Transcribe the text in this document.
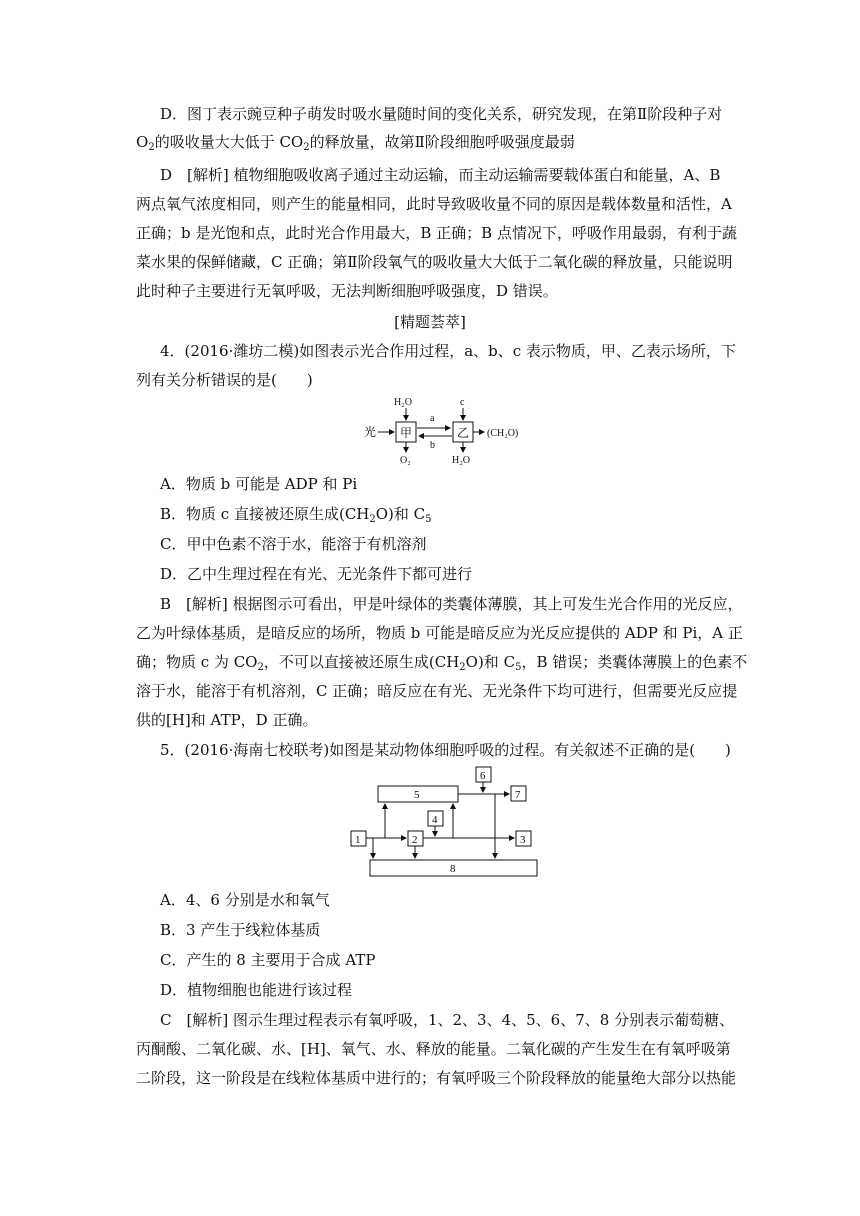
D．图丁表示豌豆种子萌发时吸水量随时间的变化关系，研究发现，在第Ⅱ阶段种子对

$O_2$的吸收量大大低于 $CO_2$的释放量，故第Ⅱ阶段细胞呼吸强度最弱

D　[解析] 植物细胞吸收离子通过主动运输，而主动运输需要载体蛋白和能量，A、B

两点氧气浓度相同，则产生的能量相同，此时导致吸收量不同的原因是载体数量和活性，A

正确；b 是光饱和点，此时光合作用最大，B 正确；B 点情况下，呼吸作用最弱，有利于蔬

菜水果的保鲜储藏，C 正确；第Ⅱ阶段氧气的吸收量大大低于二氧化碳的释放量，只能说明

此时种子主要进行无氧呼吸，无法判断细胞呼吸强度，D 错误。

[精题荟萃]

4．(2016·潍坊二模)如图表示光合作用过程，a、b、c 表示物质，甲、乙表示场所，下

列有关分析错误的是(　　)

光 甲
H₂O
O₂
a
b
乙
c
H₂O
(CH₂O)

A．物质 b 可能是 ADP 和 Pi

B．物质 c 直接被还原生成$(CH_2O)$和 $C_5$

C．甲中色素不溶于水，能溶于有机溶剂

D．乙中生理过程在有光、无光条件下都可进行

B　[解析] 根据图示可看出，甲是叶绿体的类囊体薄膜，其上可发生光合作用的光反应，

乙为叶绿体基质，是暗反应的场所，物质 b 可能是暗反应为光反应提供的 ADP 和 Pi，A 正

确；物质 c 为 $CO_2$，不可以直接被还原生成$(CH_2O)$和 $C_5$，B 错误；类囊体薄膜上的色素不

溶于水，能溶于有机溶剂，C 正确；暗反应在有光、无光条件下均可进行，但需要光反应提

供的[H]和 ATP，D 正确。

5．(2016·海南七校联考)如图是某动物体细胞呼吸的过程。有关叙述不正确的是(　　)

6
5	7
4
1	2	3
8

A．4、6 分别是水和氧气

B．3 产生于线粒体基质

C．产生的 8 主要用于合成 ATP

D．植物细胞也能进行该过程

C　[解析] 图示生理过程表示有氧呼吸，1、2、3、4、5、6、7、8 分别表示葡萄糖、

丙酮酸、二氧化碳、水、[H]、氧气、水、释放的能量。二氧化碳的产生发生在有氧呼吸第

二阶段，这一阶段是在线粒体基质中进行的；有氧呼吸三个阶段释放的能量绝大部分以热能
